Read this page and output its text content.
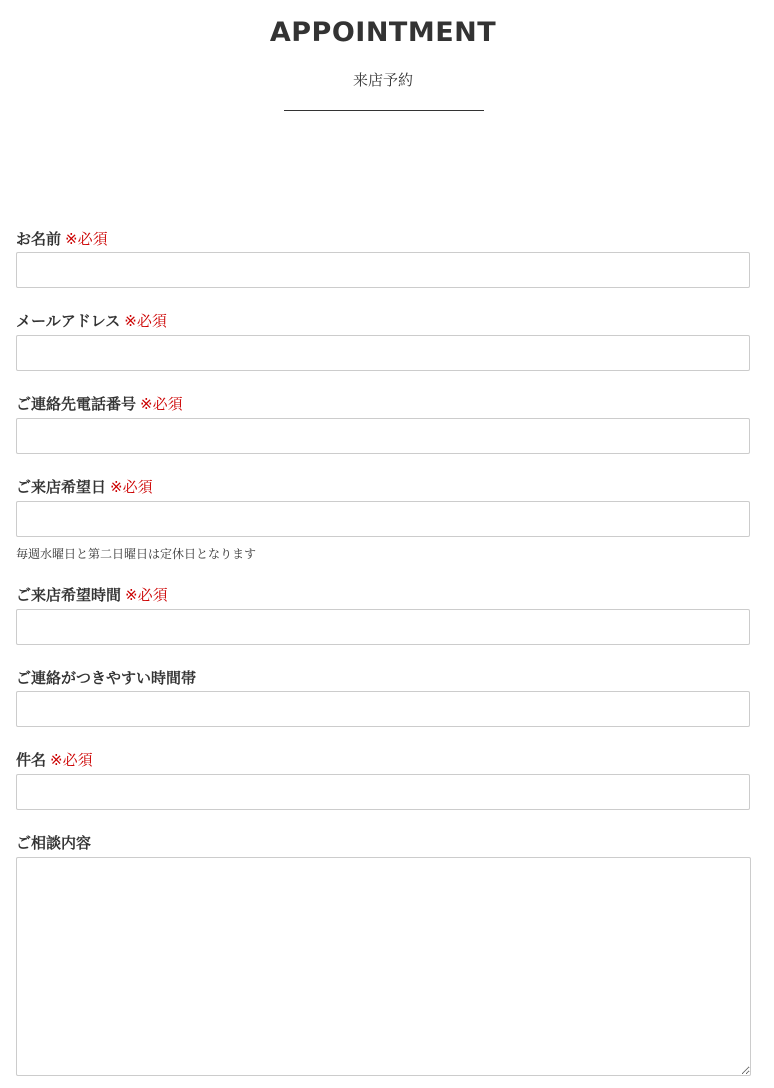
APPOINTMENT
来店予約
お名前 ※必須
メールアドレス ※必須
ご連絡先電話番号 ※必須
ご来店希望日 ※必須
毎週水曜日と第二日曜日は定休日となります
ご来店希望時間 ※必須
ご連絡がつきやすい時間帯
件名 ※必須
ご相談内容
